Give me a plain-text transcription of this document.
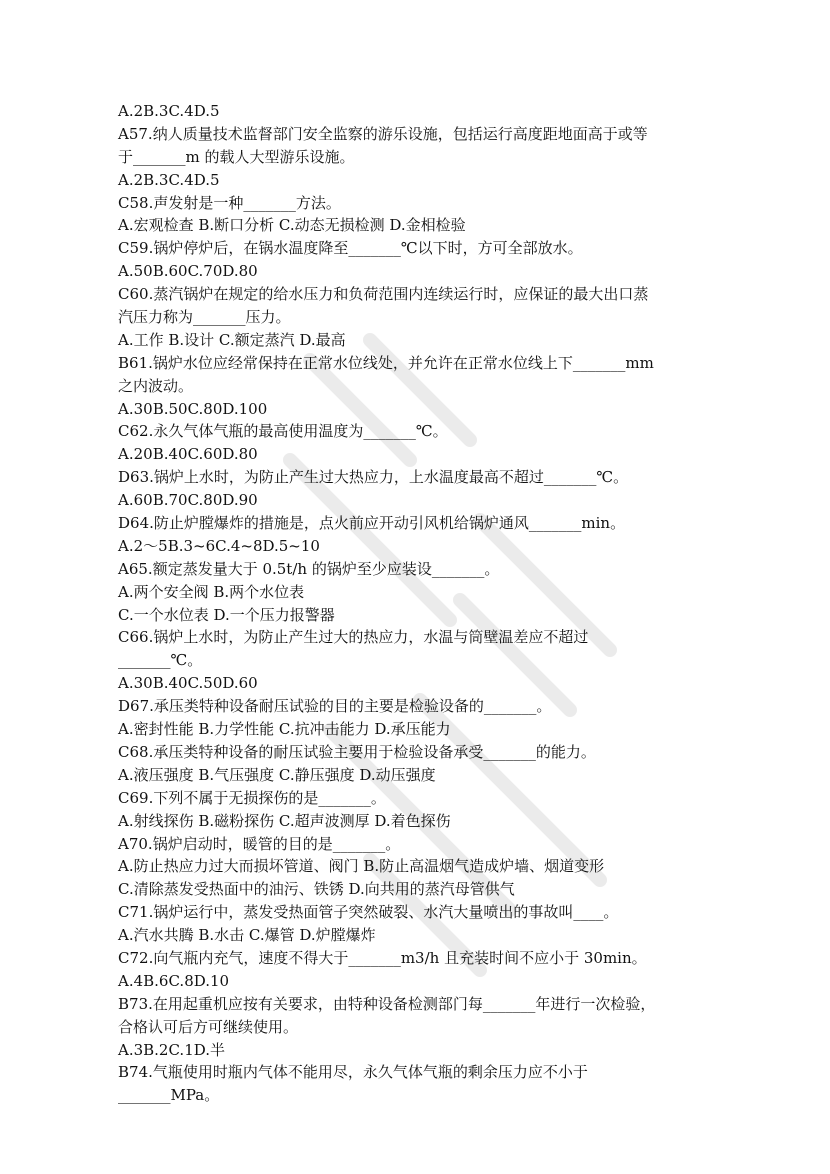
A.2B.3C.4D.5
A57.纳人质量技术监督部门安全监察的游乐设施，包括运行高度距地面高于或等
于_______m 的载人大型游乐设施。
A.2B.3C.4D.5
C58.声发射是一种_______方法。
A.宏观检查 B.断口分析 C.动态无损检测 D.金相检验
C59.锅炉停炉后，在锅水温度降至_______℃以下时，方可全部放水。
A.50B.60C.70D.80
C60.蒸汽锅炉在规定的给水压力和负荷范围内连续运行时，应保证的最大出口蒸
汽压力称为_______压力。
A.工作 B.设计 C.额定蒸汽 D.最高
B61.锅炉水位应经常保持在正常水位线处，并允许在正常水位线上下_______mm
之内波动。
A.30B.50C.80D.100
C62.永久气体气瓶的最高使用温度为_______℃。
A.20B.40C.60D.80
D63.锅炉上水时，为防止产生过大热应力，上水温度最高不超过_______℃。
A.60B.70C.80D.90
D64.防止炉膛爆炸的措施是，点火前应开动引风机给锅炉通风_______min。
A.2～5B.3~6C.4~8D.5~10
A65.额定蒸发量大于 0.5t/h 的锅炉至少应装设_______。
A.两个安全阀 B.两个水位表
C.一个水位表 D.一个压力报警器
C66.锅炉上水时，为防止产生过大的热应力，水温与筒壁温差应不超过
_______℃。
A.30B.40C.50D.60
D67.承压类特种设备耐压试验的目的主要是检验设备的_______。
A.密封性能 B.力学性能 C.抗冲击能力 D.承压能力
C68.承压类特种设备的耐压试验主要用于检验设备承受_______的能力。
A.液压强度 B.气压强度 C.静压强度 D.动压强度
C69.下列不属于无损探伤的是_______。
A.射线探伤 B.磁粉探伤 C.超声波测厚 D.着色探伤
A70.锅炉启动时，暖管的目的是_______。
A.防止热应力过大而损坏管道、阀门 B.防止高温烟气造成炉墙、烟道变形
C.清除蒸发受热面中的油污、铁锈 D.向共用的蒸汽母管供气
C71.锅炉运行中，蒸发受热面管子突然破裂、水汽大量喷出的事故叫____。
A.汽水共腾 B.水击 C.爆管 D.炉膛爆炸
C72.向气瓶内充气，速度不得大于_______m3/h 且充装时间不应小于 30min。
A.4B.6C.8D.10
B73.在用起重机应按有关要求，由特种设备检测部门每_______年进行一次检验，
合格认可后方可继续使用。
A.3B.2C.1D.半
B74.气瓶使用时瓶内气体不能用尽，永久气体气瓶的剩余压力应不小于
_______MPa。
